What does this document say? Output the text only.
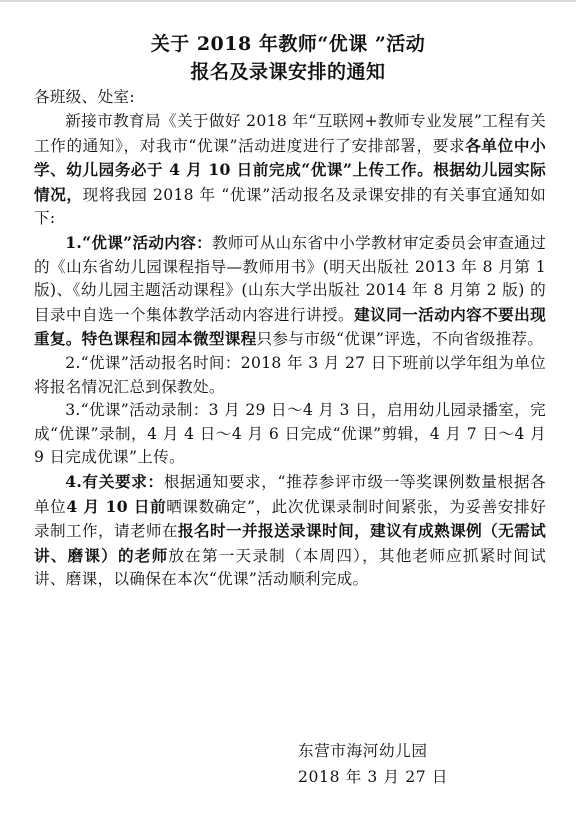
关于 2018 年教师“优课 ”活动
报名及录课安排的通知
各班级、处室:

新接市教育局《关于做好 2018 年“互联网+教师专业发展”工程有关工作的通知》，对我市“优课”活动进度进行了安排部署，要求各单位中小学、幼儿园务必于 4 月 10 日前完成“优课”上传工作。根据幼儿园实际情况，现将我园 2018 年 “优课”活动报名及录课安排的有关事宜通知如下:

1.“优课”活动内容：教师可从山东省中小学教材审定委员会审查通过的《山东省幼儿园课程指导—教师用书》(明天出版社 2013 年 8 月第 1 版)、《幼儿园主题活动课程》(山东大学出版社 2014 年 8 月第 2 版) 的目录中自选一个集体教学活动内容进行讲授。建议同一活动内容不要出现重复。特色课程和园本微型课程只参与市级“优课”评选，不向省级推荐。

2.“优课”活动报名时间：2018 年 3 月 27 日下班前以学年组为单位将报名情况汇总到保教处。

3.“优课”活动录制：3 月 29 日～4 月 3 日，启用幼儿园录播室，完成“优课”录制，4 月 4 日～4 月 6 日完成“优课”剪辑，4 月 7 日～4 月 9 日完成优课”上传。

4.有关要求：根据通知要求，“推荐参评市级一等奖课例数量根据各单位4 月 10 日前晒课数确定”，此次优课录制时间紧张，为妥善安排好录制工作，请老师在报名时一并报送录课时间，建议有成熟课例（无需试讲、磨课）的老师放在第一天录制（本周四），其他老师应抓紧时间试讲、磨课，以确保在本次“优课”活动顺利完成。

东营市海河幼儿园
2018 年 3 月 27 日
